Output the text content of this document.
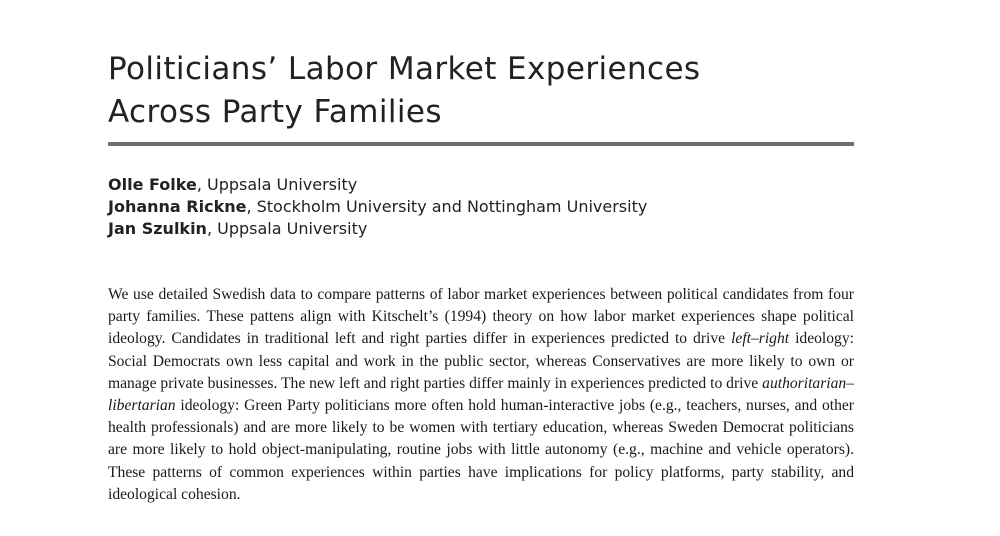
Politicians’ Labor Market Experiences
Across Party Families
Olle Folke, Uppsala University
Johanna Rickne, Stockholm University and Nottingham University
Jan Szulkin, Uppsala University

We use detailed Swedish data to compare patterns of labor market experiences between political candidates from four party families. These pattens align with Kitschelt’s (1994) theory on how labor market experiences shape political ideology. Candidates in traditional left and right parties differ in experiences predicted to drive left–right ideology: Social Democrats own less capital and work in the public sector, whereas Conservatives are more likely to own or manage private businesses. The new left and right parties differ mainly in experiences predicted to drive authoritarian–libertarian ideology: Green Party politicians more often hold human-interactive jobs (e.g., teachers, nurses, and other health professionals) and are more likely to be women with tertiary education, whereas Sweden Democrat politicians are more likely to hold object-manipulating, routine jobs with little autonomy (e.g., machine and vehicle operators). These patterns of common experiences within parties have implications for policy platforms, party stability, and ideological cohesion.
